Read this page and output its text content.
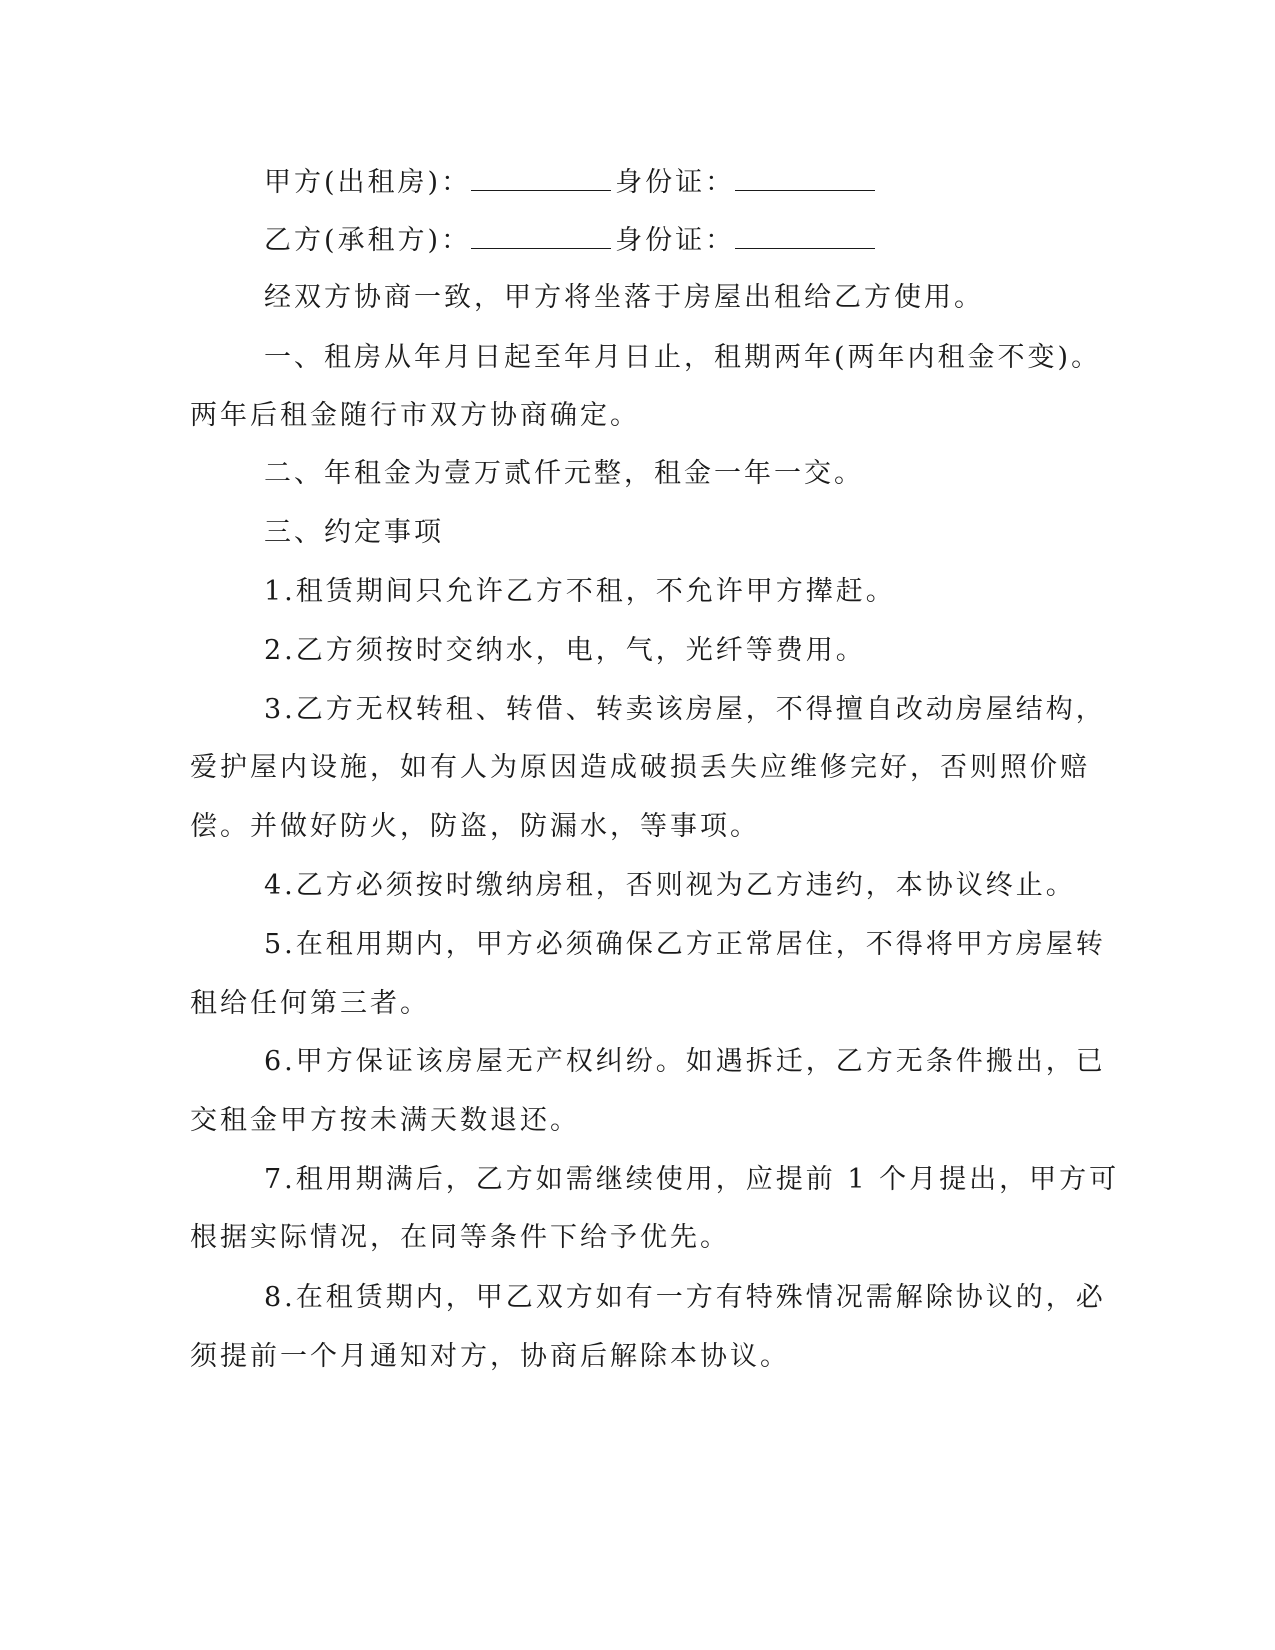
甲方(出租房)：	身份证：
乙方(承租方)：	身份证：
经双方协商一致，甲方将坐落于房屋出租给乙方使用。
一、租房从年月日起至年月日止，租期两年(两年内租金不变)。
两年后租金随行市双方协商确定。
二、年租金为壹万贰仟元整，租金一年一交。
三、约定事项
1.租赁期间只允许乙方不租，不允许甲方撵赶。
2.乙方须按时交纳水，电，气，光纤等费用。
3.乙方无权转租、转借、转卖该房屋，不得擅自改动房屋结构，
爱护屋内设施，如有人为原因造成破损丢失应维修完好，否则照价赔
偿。并做好防火，防盗，防漏水，等事项。
4.乙方必须按时缴纳房租，否则视为乙方违约，本协议终止。
5.在租用期内，甲方必须确保乙方正常居住，不得将甲方房屋转
租给任何第三者。
6.甲方保证该房屋无产权纠纷。如遇拆迁，乙方无条件搬出，已
交租金甲方按未满天数退还。
7.租用期满后，乙方如需继续使用，应提前 1 个月提出，甲方可
根据实际情况，在同等条件下给予优先。
8.在租赁期内，甲乙双方如有一方有特殊情况需解除协议的，必
须提前一个月通知对方，协商后解除本协议。
